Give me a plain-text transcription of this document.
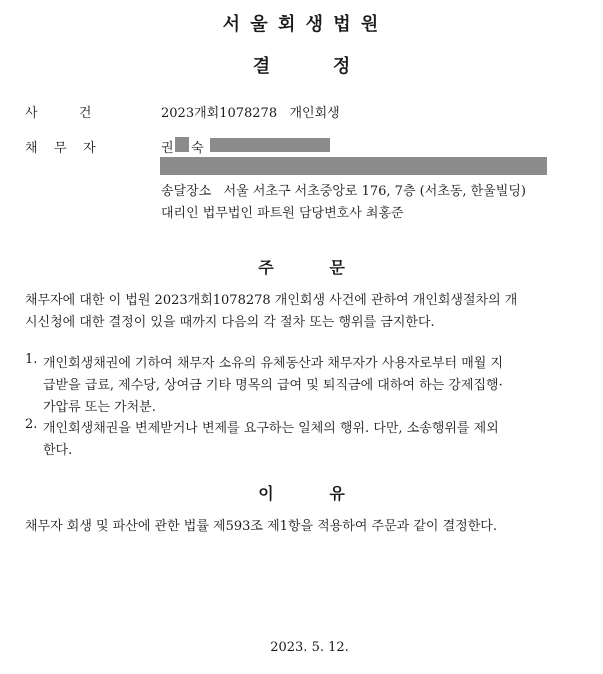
서 울 회 생 법 원
결          정
사          건	2023개회1078278   개인회생
채    무    자	권 숙
송달장소   서울 서초구 서초중앙로 176, 7층 (서초동, 한울빌딩)
대리인 법무법인 파트원 담당변호사 최홍준
주          문
채무자에 대한 이 법원 2023개회1078278 개인회생 사건에 관하여 개인회생절차의 개
시신청에 대한 결정이 있을 때까지 다음의 각 절차 또는 행위를 금지한다.
1. 개인회생채권에 기하여 채무자 소유의 유체동산과 채무자가 사용자로부터 매월 지
급받을 급료, 제수당, 상여금 기타 명목의 급여 및 퇴직금에 대하여 하는 강제집행·
가압류 또는 가처분.
2. 개인회생채권을 변제받거나 변제를 요구하는 일체의 행위. 다만, 소송행위를 제외
한다.
이          유
채무자 회생 및 파산에 관한 법률 제593조 제1항을 적용하여 주문과 같이 결정한다.
2023. 5. 12.
